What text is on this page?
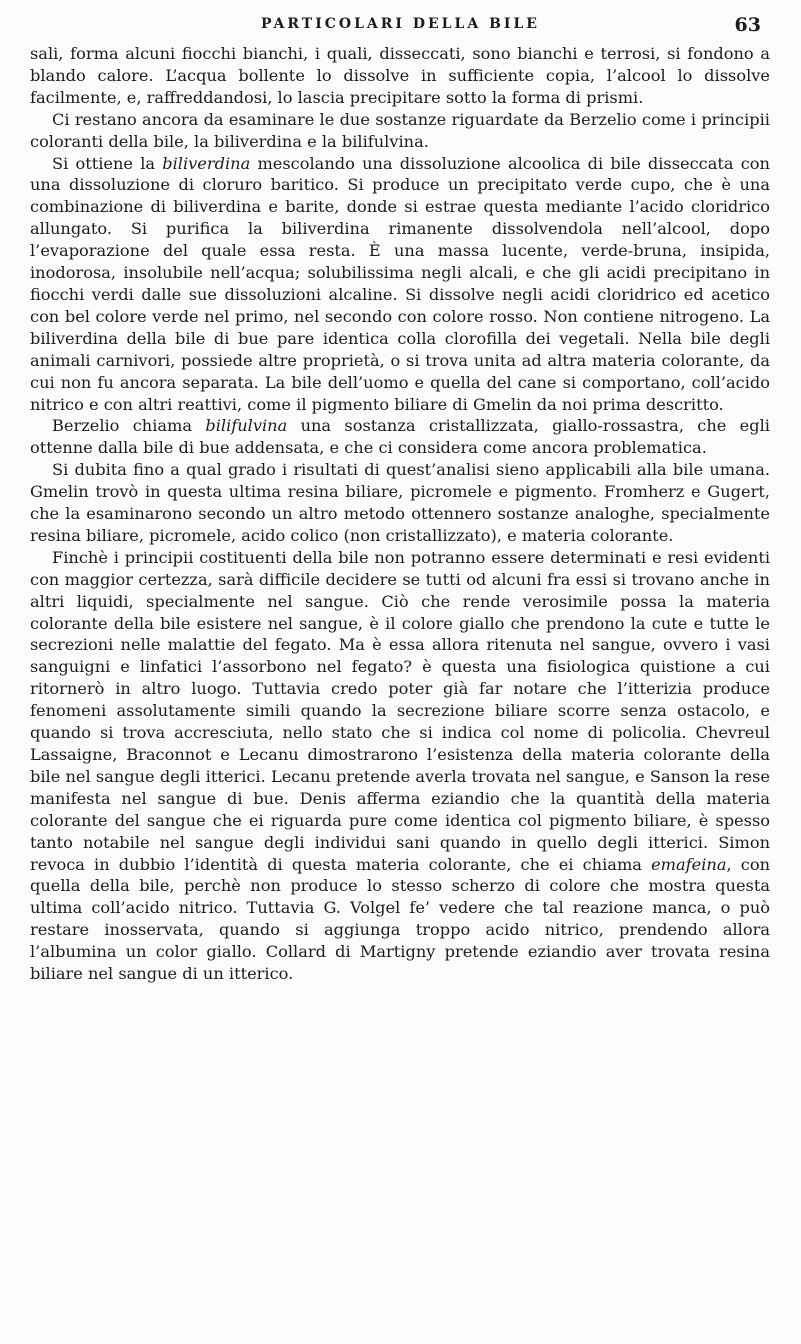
PARTICOLARI DELLA BILE	63

sali, forma alcuni fiocchi bianchi, i quali, disseccati, sono bianchi e terrosi, si fondono a blando calore. L’acqua bollente lo dissolve in sufficiente copia, l’alcool lo dissolve facilmente, e, raffreddandosi, lo lascia precipitare sotto la forma di prismi.

Ci restano ancora da esaminare le due sostanze riguardate da Berzelio come i principii coloranti della bile, la biliverdina e la bilifulvina.

Si ottiene la biliverdina mescolando una dissoluzione alcoolica di bile disseccata con una dissoluzione di cloruro baritico. Si produce un precipitato verde cupo, che è una combinazione di biliverdina e barite, donde si estrae questa mediante l’acido cloridrico allungato. Si purifica la biliverdina rimanente dissolvendola nell’alcool, dopo l’evaporazione del quale essa resta. È una massa lucente, verde-bruna, insipida, inodorosa, insolubile nell’acqua; solubilissima negli alcali, e che gli acidi precipitano in fiocchi verdi dalle sue dissoluzioni alcaline. Si dissolve negli acidi cloridrico ed acetico con bel colore verde nel primo, nel secondo con colore rosso. Non contiene nitrogeno. La biliverdina della bile di bue pare identica colla clorofilla dei vegetali. Nella bile degli animali carnivori, possiede altre proprietà, o si trova unita ad altra materia colorante, da cui non fu ancora separata. La bile dell’uomo e quella del cane si comportano, coll’acido nitrico e con altri reattivi, come il pigmento biliare di Gmelin da noi prima descritto.

Berzelio chiama bilifulvina una sostanza cristallizzata, giallo-rossastra, che egli ottenne dalla bile di bue addensata, e che ci considera come ancora problematica.

Si dubita fino a qual grado i risultati di quest’analisi sieno applicabili alla bile umana. Gmelin trovò in questa ultima resina biliare, picromele e pigmento. Fromherz e Gugert, che la esaminarono secondo un altro metodo ottennero sostanze analoghe, specialmente resina biliare, picromele, acido colico (non cristallizzato), e materia colorante.

Finchè i principii costituenti della bile non potranno essere determinati e resi evidenti con maggior certezza, sarà difficile decidere se tutti od alcuni fra essi si trovano anche in altri liquidi, specialmente nel sangue. Ciò che rende verosimile possa la materia colorante della bile esistere nel sangue, è il colore giallo che prendono la cute e tutte le secrezioni nelle malattie del fegato. Ma è essa allora ritenuta nel sangue, ovvero i vasi sanguigni e linfatici l’assorbono nel fegato? è questa una fisiologica quistione a cui ritornerò in altro luogo. Tuttavia credo poter già far notare che l’itterizia produce fenomeni assolutamente simili quando la secrezione biliare scorre senza ostacolo, e quando si trova accresciuta, nello stato che si indica col nome di policolia. Chevreul Lassaigne, Braconnot e Lecanu dimostrarono l’esistenza della materia colorante della bile nel sangue degli itterici. Lecanu pretende averla trovata nel sangue, e Sanson la rese manifesta nel sangue di bue. Denis afferma eziandio che la quantità della materia colorante del sangue che ei riguarda pure come identica col pigmento biliare, è spesso tanto notabile nel sangue degli individui sani quando in quello degli itterici. Simon revoca in dubbio l’identità di questa materia colorante, che ei chiama emafeina, con quella della bile, perchè non produce lo stesso scherzo di colore che mostra questa ultima coll’acido nitrico. Tuttavia G. Volgel fe’ vedere che tal reazione manca, o può restare inosservata, quando si aggiunga troppo acido nitrico, prendendo allora l’albumina un color giallo. Collard di Martigny pretende eziandio aver trovata resina biliare nel sangue di un itterico.
